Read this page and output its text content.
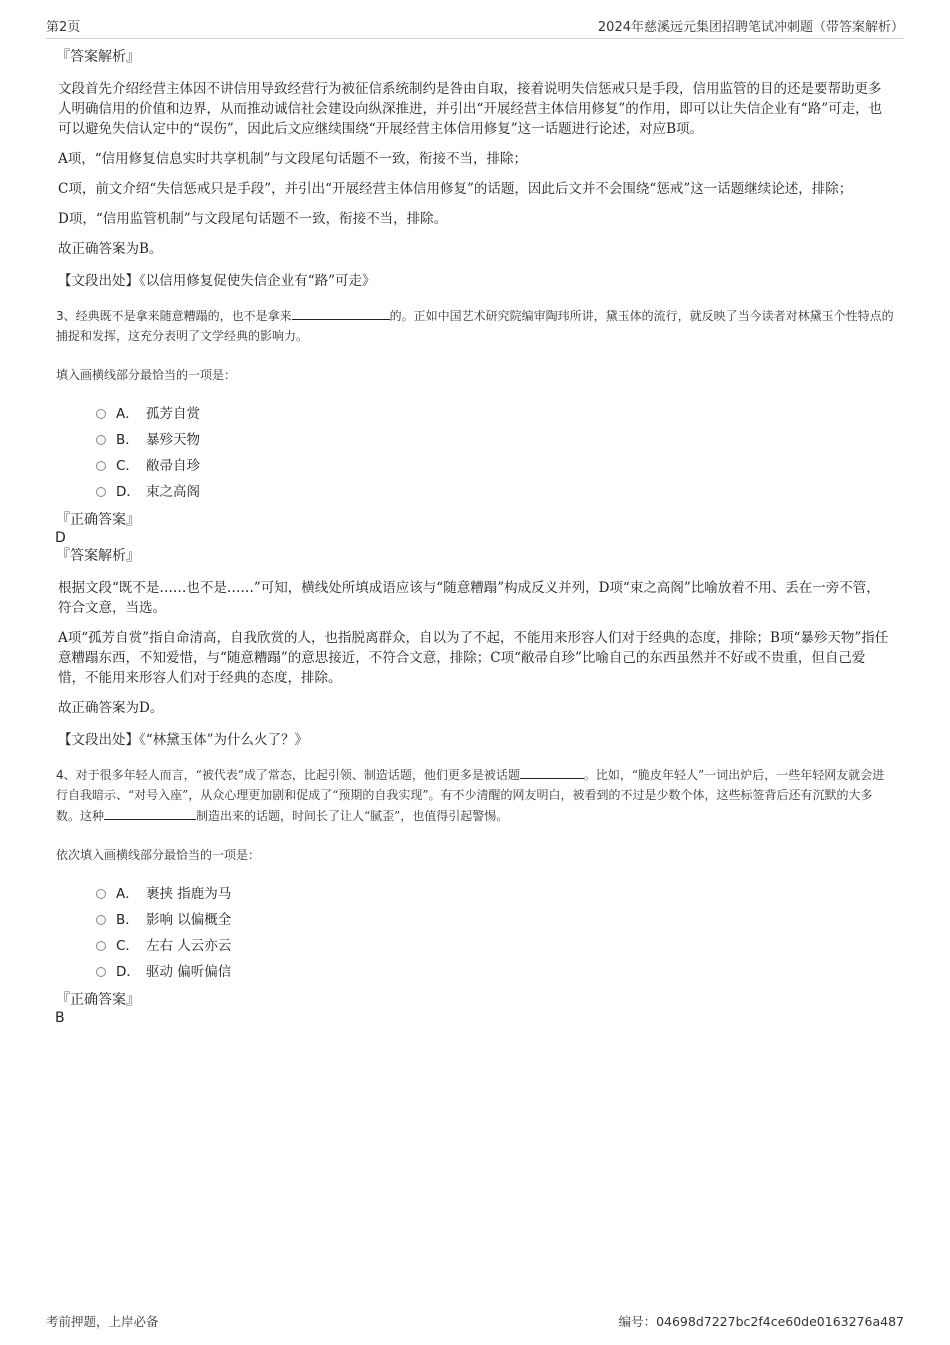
第2页	2024年慈溪远元集团招聘笔试冲刺题（带答案解析）
『答案解析』
文段首先介绍经营主体因不讲信用导致经营行为被征信系统制约是咎由自取，接着说明失信惩戒只是手段，信用监管的目的还是要帮助更多人明确信用的价值和边界，从而推动诚信社会建设向纵深推进，并引出“开展经营主体信用修复”的作用，即可以让失信企业有“路”可走，也可以避免失信认定中的“误伤”，因此后文应继续围绕“开展经营主体信用修复”这一话题进行论述，对应B项。
A项，“信用修复信息实时共享机制”与文段尾句话题不一致，衔接不当，排除；
C项，前文介绍“失信惩戒只是手段”，并引出“开展经营主体信用修复”的话题，因此后文并不会围绕“惩戒”这一话题继续论述，排除；
D项，“信用监管机制”与文段尾句话题不一致，衔接不当，排除。
故正确答案为B。
【文段出处】《以信用修复促使失信企业有“路”可走》
3、经典既不是拿来随意糟蹋的，也不是拿来	的。正如中国艺术研究院编审陶玮所讲，黛玉体的流行，就反映了当今读者对林黛玉个性特点的捕捉和发挥，这充分表明了文学经典的影响力。
填入画横线部分最恰当的一项是：
A． 孤芳自赏
B． 暴殄天物
C． 敝帚自珍
D． 束之高阁
『正确答案』
D
『答案解析』
根据文段“既不是……也不是……”可知，横线处所填成语应该与“随意糟蹋”构成反义并列，D项“束之高阁”比喻放着不用、丢在一旁不管，符合文意，当选。
A项“孤芳自赏”指自命清高，自我欣赏的人，也指脱离群众，自以为了不起，不能用来形容人们对于经典的态度，排除；B项“暴殄天物”指任意糟蹋东西，不知爱惜，与“随意糟蹋”的意思接近，不符合文意，排除；C项“敝帚自珍”比喻自己的东西虽然并不好或不贵重，但自己爱惜，不能用来形容人们对于经典的态度，排除。
故正确答案为D。
【文段出处】《“林黛玉体”为什么火了？》
4、对于很多年轻人而言，“被代表”成了常态，比起引领、制造话题，他们更多是被话题	。比如，“脆皮年轻人”一词出炉后，一些年轻网友就会进行自我暗示、“对号入座”，从众心理更加剧和促成了“预期的自我实现”。有不少清醒的网友明白，被看到的不过是少数个体，这些标签背后还有沉默的大多数。这种	制造出来的话题，时间长了让人“腻歪”，也值得引起警惕。
依次填入画横线部分最恰当的一项是：
A． 裹挟 指鹿为马
B． 影响 以偏概全
C． 左右 人云亦云
D． 驱动 偏听偏信
『正确答案』
B
考前押题，上岸必备	编号：04698d7227bc2f4ce60de0163276a487
